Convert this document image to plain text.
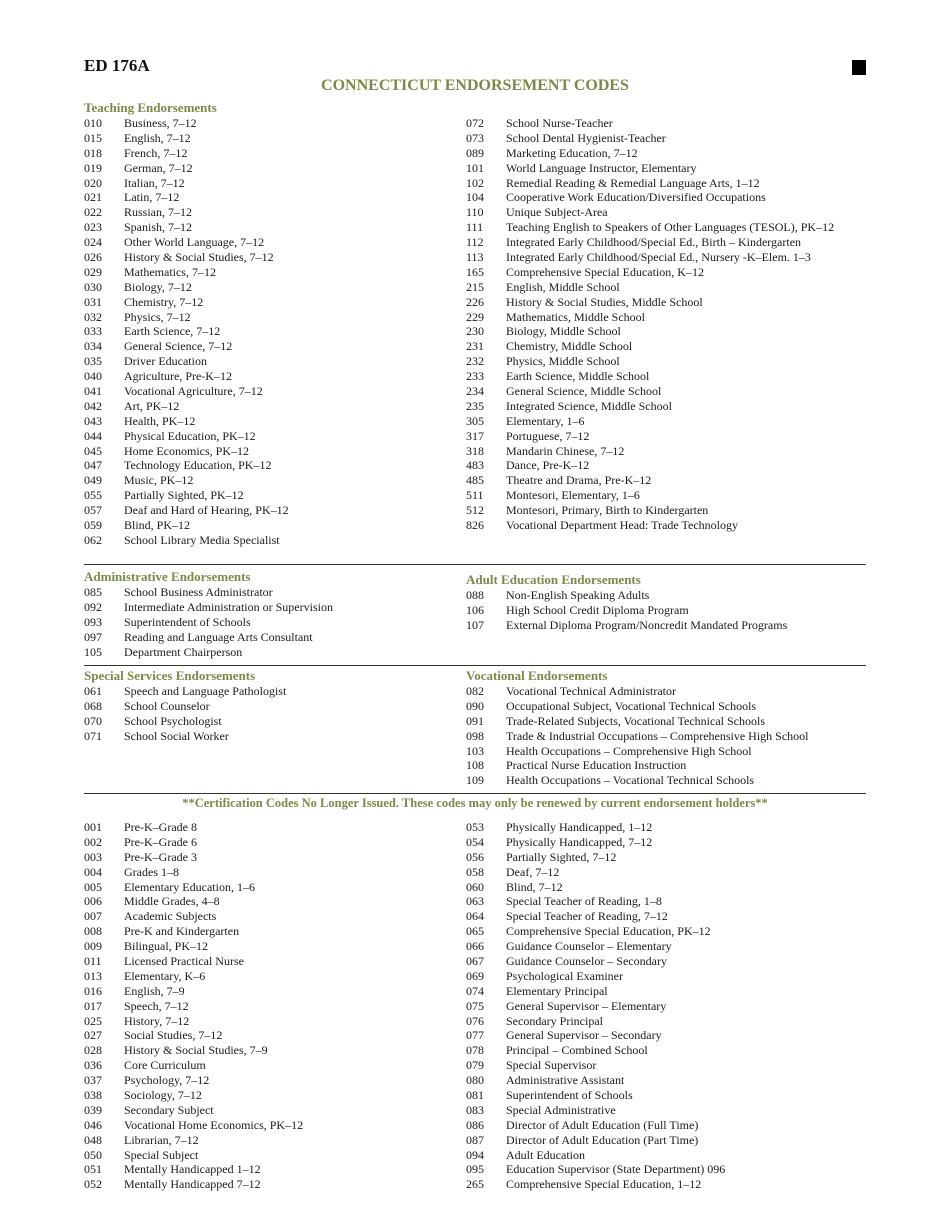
ED 176A
CONNECTICUT ENDORSEMENT CODES
Teaching Endorsements
010 Business, 7–12
015 English, 7–12
018 French, 7–12
019 German, 7–12
020 Italian, 7–12
021 Latin, 7–12
022 Russian, 7–12
023 Spanish, 7–12
024 Other World Language, 7–12
026 History & Social Studies, 7–12
029 Mathematics, 7–12
030 Biology, 7–12
031 Chemistry, 7–12
032 Physics, 7–12
033 Earth Science, 7–12
034 General Science, 7–12
035 Driver Education
040 Agriculture, Pre-K–12
041 Vocational Agriculture, 7–12
042 Art, PK–12
043 Health, PK–12
044 Physical Education, PK–12
045 Home Economics, PK–12
047 Technology Education, PK–12
049 Music, PK–12
055 Partially Sighted, PK–12
057 Deaf and Hard of Hearing, PK–12
059 Blind, PK–12
062 School Library Media Specialist
072 School Nurse-Teacher
073 School Dental Hygienist-Teacher
089 Marketing Education, 7–12
101 World Language Instructor, Elementary
102 Remedial Reading & Remedial Language Arts, 1–12
104 Cooperative Work Education/Diversified Occupations
110 Unique Subject-Area
111 Teaching English to Speakers of Other Languages (TESOL), PK–12
112 Integrated Early Childhood/Special Ed., Birth – Kindergarten
113 Integrated Early Childhood/Special Ed., Nursery -K–Elem. 1–3
165 Comprehensive Special Education, K–12
215 English, Middle School
226 History & Social Studies, Middle School
229 Mathematics, Middle School
230 Biology, Middle School
231 Chemistry, Middle School
232 Physics, Middle School
233 Earth Science, Middle School
234 General Science, Middle School
235 Integrated Science, Middle School
305 Elementary, 1–6
317 Portuguese, 7–12
318 Mandarin Chinese, 7–12
483 Dance, Pre-K–12
485 Theatre and Drama, Pre-K–12
511 Montesori, Elementary, 1–6
512 Montesori, Primary, Birth to Kindergarten
826 Vocational Department Head: Trade Technology
Administrative Endorsements
085 School Business Administrator
092 Intermediate Administration or Supervision
093 Superintendent of Schools
097 Reading and Language Arts Consultant
105 Department Chairperson
Adult Education Endorsements
088 Non-English Speaking Adults
106 High School Credit Diploma Program
107 External Diploma Program/Noncredit Mandated Programs
Special Services Endorsements
061 Speech and Language Pathologist
068 School Counselor
070 School Psychologist
071 School Social Worker
Vocational Endorsements
082 Vocational Technical Administrator
090 Occupational Subject, Vocational Technical Schools
091 Trade-Related Subjects, Vocational Technical Schools
098 Trade & Industrial Occupations – Comprehensive High School
103 Health Occupations – Comprehensive High School
108 Practical Nurse Education Instruction
109 Health Occupations – Vocational Technical Schools
**Certification Codes No Longer Issued. These codes may only be renewed by current endorsement holders**
001 Pre-K–Grade 8
002 Pre-K–Grade 6
003 Pre-K–Grade 3
004 Grades 1–8
005 Elementary Education, 1–6
006 Middle Grades, 4–8
007 Academic Subjects
008 Pre-K and Kindergarten
009 Bilingual, PK–12
011 Licensed Practical Nurse
013 Elementary, K–6
016 English, 7–9
017 Speech, 7–12
025 History, 7–12
027 Social Studies, 7–12
028 History & Social Studies, 7–9
036 Core Curriculum
037 Psychology, 7–12
038 Sociology, 7–12
039 Secondary Subject
046 Vocational Home Economics, PK–12
048 Librarian, 7–12
050 Special Subject
051 Mentally Handicapped 1–12
052 Mentally Handicapped 7–12
053 Physically Handicapped, 1–12
054 Physically Handicapped, 7–12
056 Partially Sighted, 7–12
058 Deaf, 7–12
060 Blind, 7–12
063 Special Teacher of Reading, 1–8
064 Special Teacher of Reading, 7–12
065 Comprehensive Special Education, PK–12
066 Guidance Counselor – Elementary
067 Guidance Counselor – Secondary
069 Psychological Examiner
074 Elementary Principal
075 General Supervisor – Elementary
076 Secondary Principal
077 General Supervisor – Secondary
078 Principal – Combined School
079 Special Supervisor
080 Administrative Assistant
081 Superintendent of Schools
083 Special Administrative
086 Director of Adult Education (Full Time)
087 Director of Adult Education (Part Time)
094 Adult Education
095 Education Supervisor (State Department) 096
265 Comprehensive Special Education, 1–12
